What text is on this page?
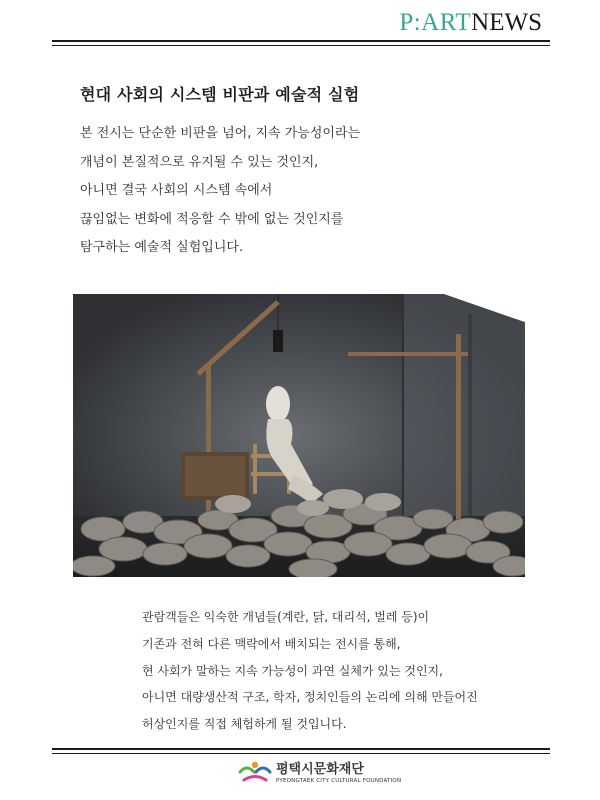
P:ARTNEWS
현대 사회의 시스템 비판과 예술적 실험

본 전시는 단순한 비판을 넘어, 지속 가능성이라는

개념이 본질적으로 유지될 수 있는 것인지,

아니면 결국 사회의 시스템 속에서

끊임없는 변화에 적응할 수 밖에 없는 것인지를

탐구하는 예술적 실험입니다.

관람객들은 익숙한 개념들(계란, 닭, 대리석, 벌레 등)이

기존과 전혀 다른 맥락에서 배치되는 전시를 통해,

현 사회가 말하는 지속 가능성이 과연 실체가 있는 것인지,

아니면 대량생산적 구조, 학자, 정치인들의 논리에 의해 만들어진

허상인지를 직접 체험하게 될 것입니다.

평택시문화재단
PYEONGTAEK CITY CULTURAL FOUNDATION
